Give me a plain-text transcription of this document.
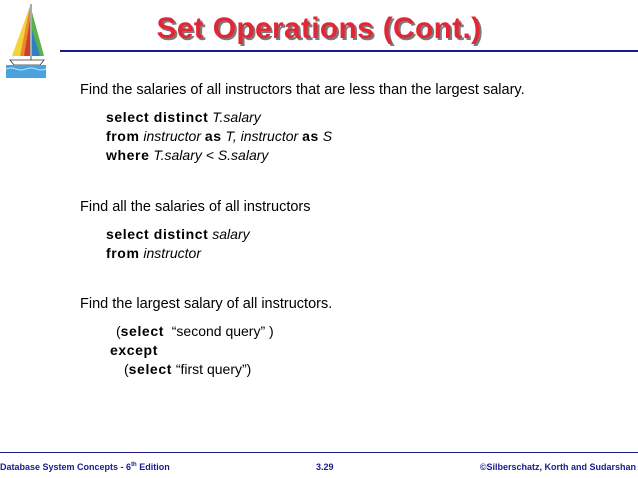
Set Operations (Cont.)
Find the salaries of all instructors that are less than the largest salary.
select distinct T.salary
from instructor as T, instructor as S
where T.salary < S.salary
Find all the salaries of all instructors
select distinct salary
from instructor
Find the largest salary of all instructors.
(select “second query” )
except
(select “first query”)
Database System Concepts - 6th Edition	3.29	©Silberschatz, Korth and Sudarshan
